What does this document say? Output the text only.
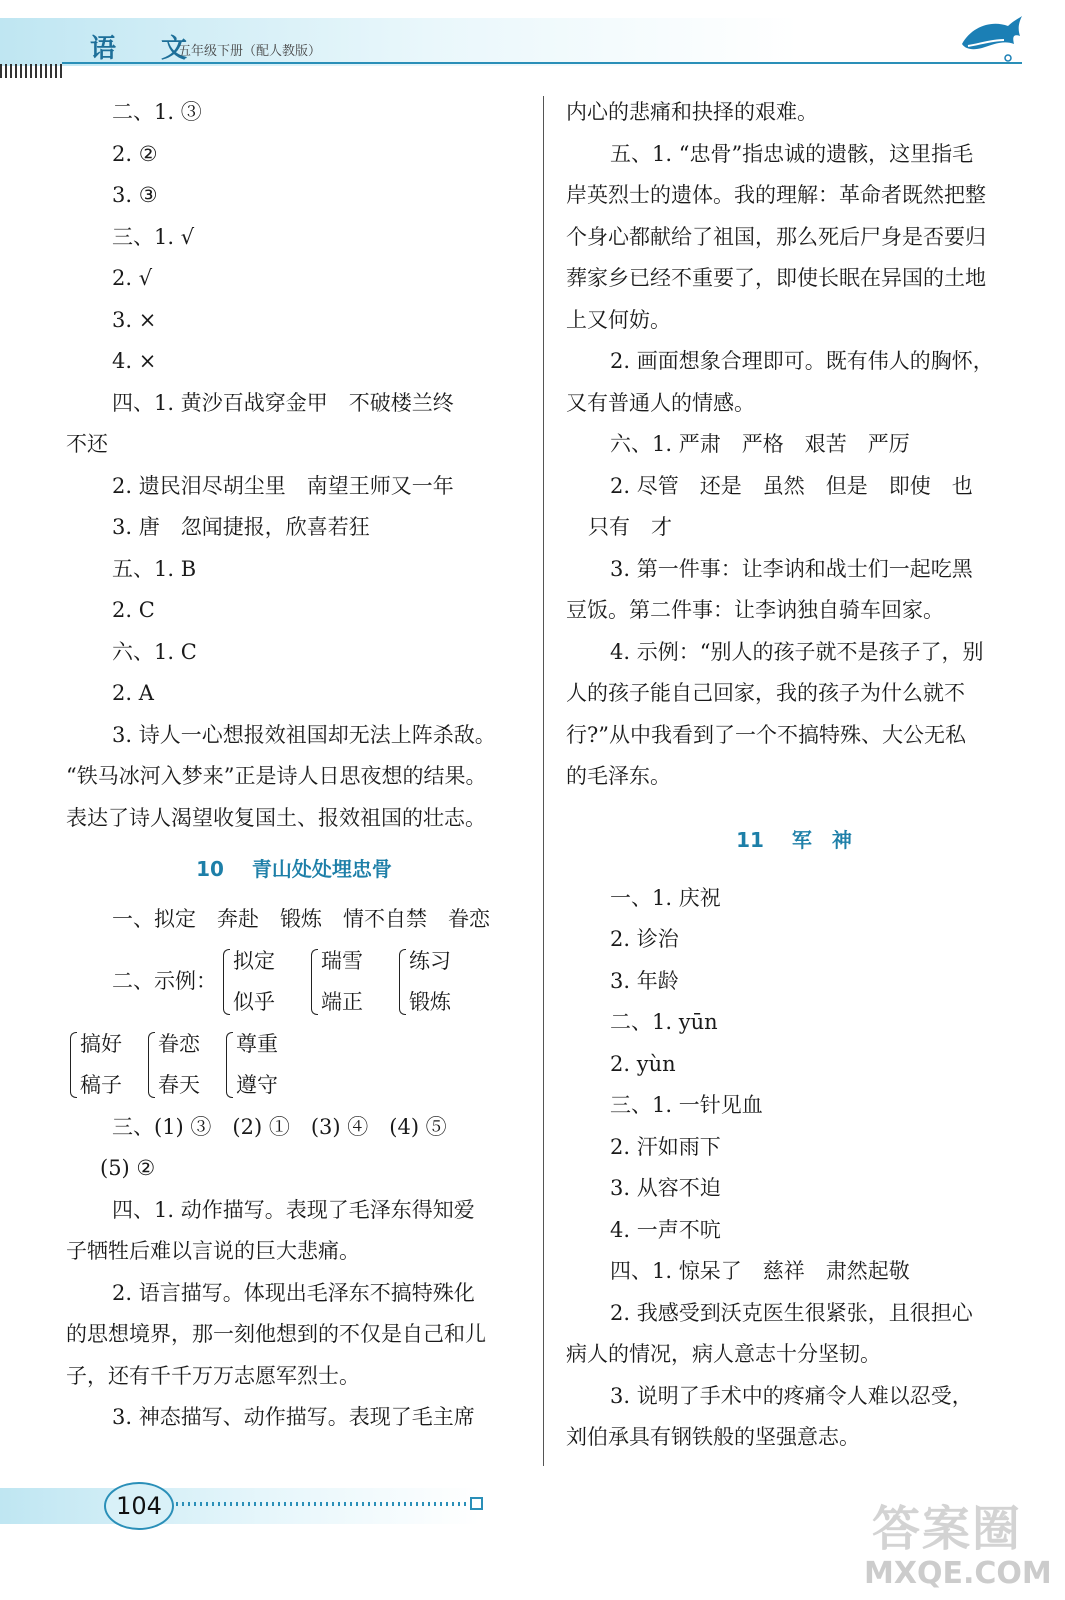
语 文
五年级下册（配人教版）
二、1. ③
2. ②
3. ③
三、1. √
2. √
3. ×
4. ×
四、1. 黄沙百战穿金甲　不破楼兰终
不还
2. 遗民泪尽胡尘里　南望王师又一年
3. 唐　忽闻捷报，欣喜若狂
五、1. B
2. C
六、1. C
2. A
3. 诗人一心想报效祖国却无法上阵杀敌。
“铁马冰河入梦来”正是诗人日思夜想的结果。
表达了诗人渴望收复国土、报效祖国的壮志。
10 青山处处埋忠骨
一、拟定　奔赴　锻炼　情不自禁　眷恋
二、示例：
拟定
似乎
瑞雪
端正
练习
锻炼
搞好
稿子
眷恋
春天
尊重
遵守
三、(1) ③　(2) ①　(3) ④　(4) ⑤
(5) ②
四、1. 动作描写。表现了毛泽东得知爱
子牺牲后难以言说的巨大悲痛。
2. 语言描写。体现出毛泽东不搞特殊化
的思想境界，那一刻他想到的不仅是自己和儿
子，还有千千万万志愿军烈士。
3. 神态描写、动作描写。表现了毛主席
内心的悲痛和抉择的艰难。
五、1. “忠骨”指忠诚的遗骸，这里指毛
岸英烈士的遗体。我的理解：革命者既然把整
个身心都献给了祖国，那么死后尸身是否要归
葬家乡已经不重要了，即使长眠在异国的土地
上又何妨。
2. 画面想象合理即可。既有伟人的胸怀，
又有普通人的情感。
六、1. 严肃　严格　艰苦　严厉
2. 尽管　还是　虽然　但是　即使　也
只有　才
3. 第一件事：让李讷和战士们一起吃黑
豆饭。第二件事：让李讷独自骑车回家。
4. 示例：“别人的孩子就不是孩子了，别
人的孩子能自己回家，我的孩子为什么就不
行?”从中我看到了一个不搞特殊、大公无私
的毛泽东。
11 军　神
一、1. 庆祝
2. 诊治
3. 年龄
二、1. yūn
2. yùn
三、1. 一针见血
2. 汗如雨下
3. 从容不迫
4. 一声不吭
四、1. 惊呆了　慈祥　肃然起敬
2. 我感受到沃克医生很紧张，且很担心
病人的情况，病人意志十分坚韧。
3. 说明了手术中的疼痛令人难以忍受，
刘伯承具有钢铁般的坚强意志。
104	答案圈
MXQE.COM
